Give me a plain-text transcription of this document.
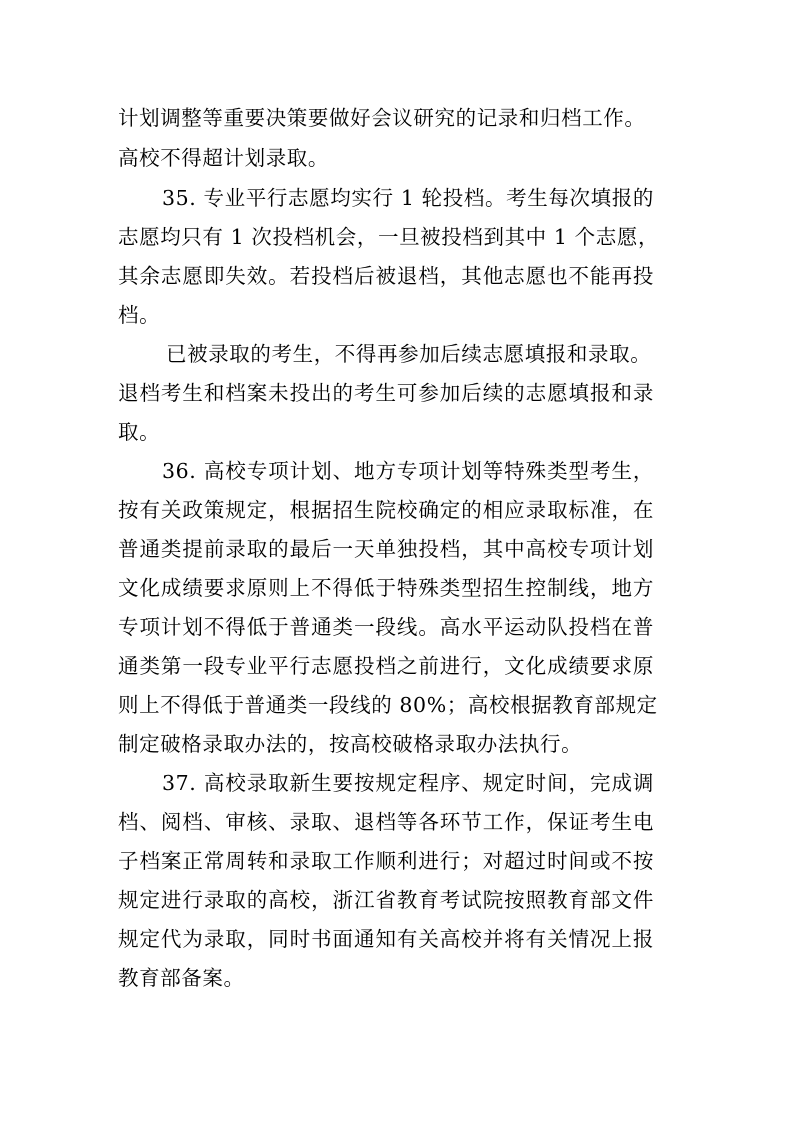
计划调整等重要决策要做好会议研究的记录和归档工作。
高校不得超计划录取。
35. 专业平行志愿均实行 1 轮投档。考生每次填报的
志愿均只有 1 次投档机会，一旦被投档到其中 1 个志愿，
其余志愿即失效。若投档后被退档，其他志愿也不能再投
档。
已被录取的考生，不得再参加后续志愿填报和录取。
退档考生和档案未投出的考生可参加后续的志愿填报和录
取。
36. 高校专项计划、地方专项计划等特殊类型考生，
按有关政策规定，根据招生院校确定的相应录取标准，在
普通类提前录取的最后一天单独投档，其中高校专项计划
文化成绩要求原则上不得低于特殊类型招生控制线，地方
专项计划不得低于普通类一段线。高水平运动队投档在普
通类第一段专业平行志愿投档之前进行，文化成绩要求原
则上不得低于普通类一段线的 80%；高校根据教育部规定
制定破格录取办法的，按高校破格录取办法执行。
37. 高校录取新生要按规定程序、规定时间，完成调
档、阅档、审核、录取、退档等各环节工作，保证考生电
子档案正常周转和录取工作顺利进行；对超过时间或不按
规定进行录取的高校，浙江省教育考试院按照教育部文件
规定代为录取，同时书面通知有关高校并将有关情况上报
教育部备案。
